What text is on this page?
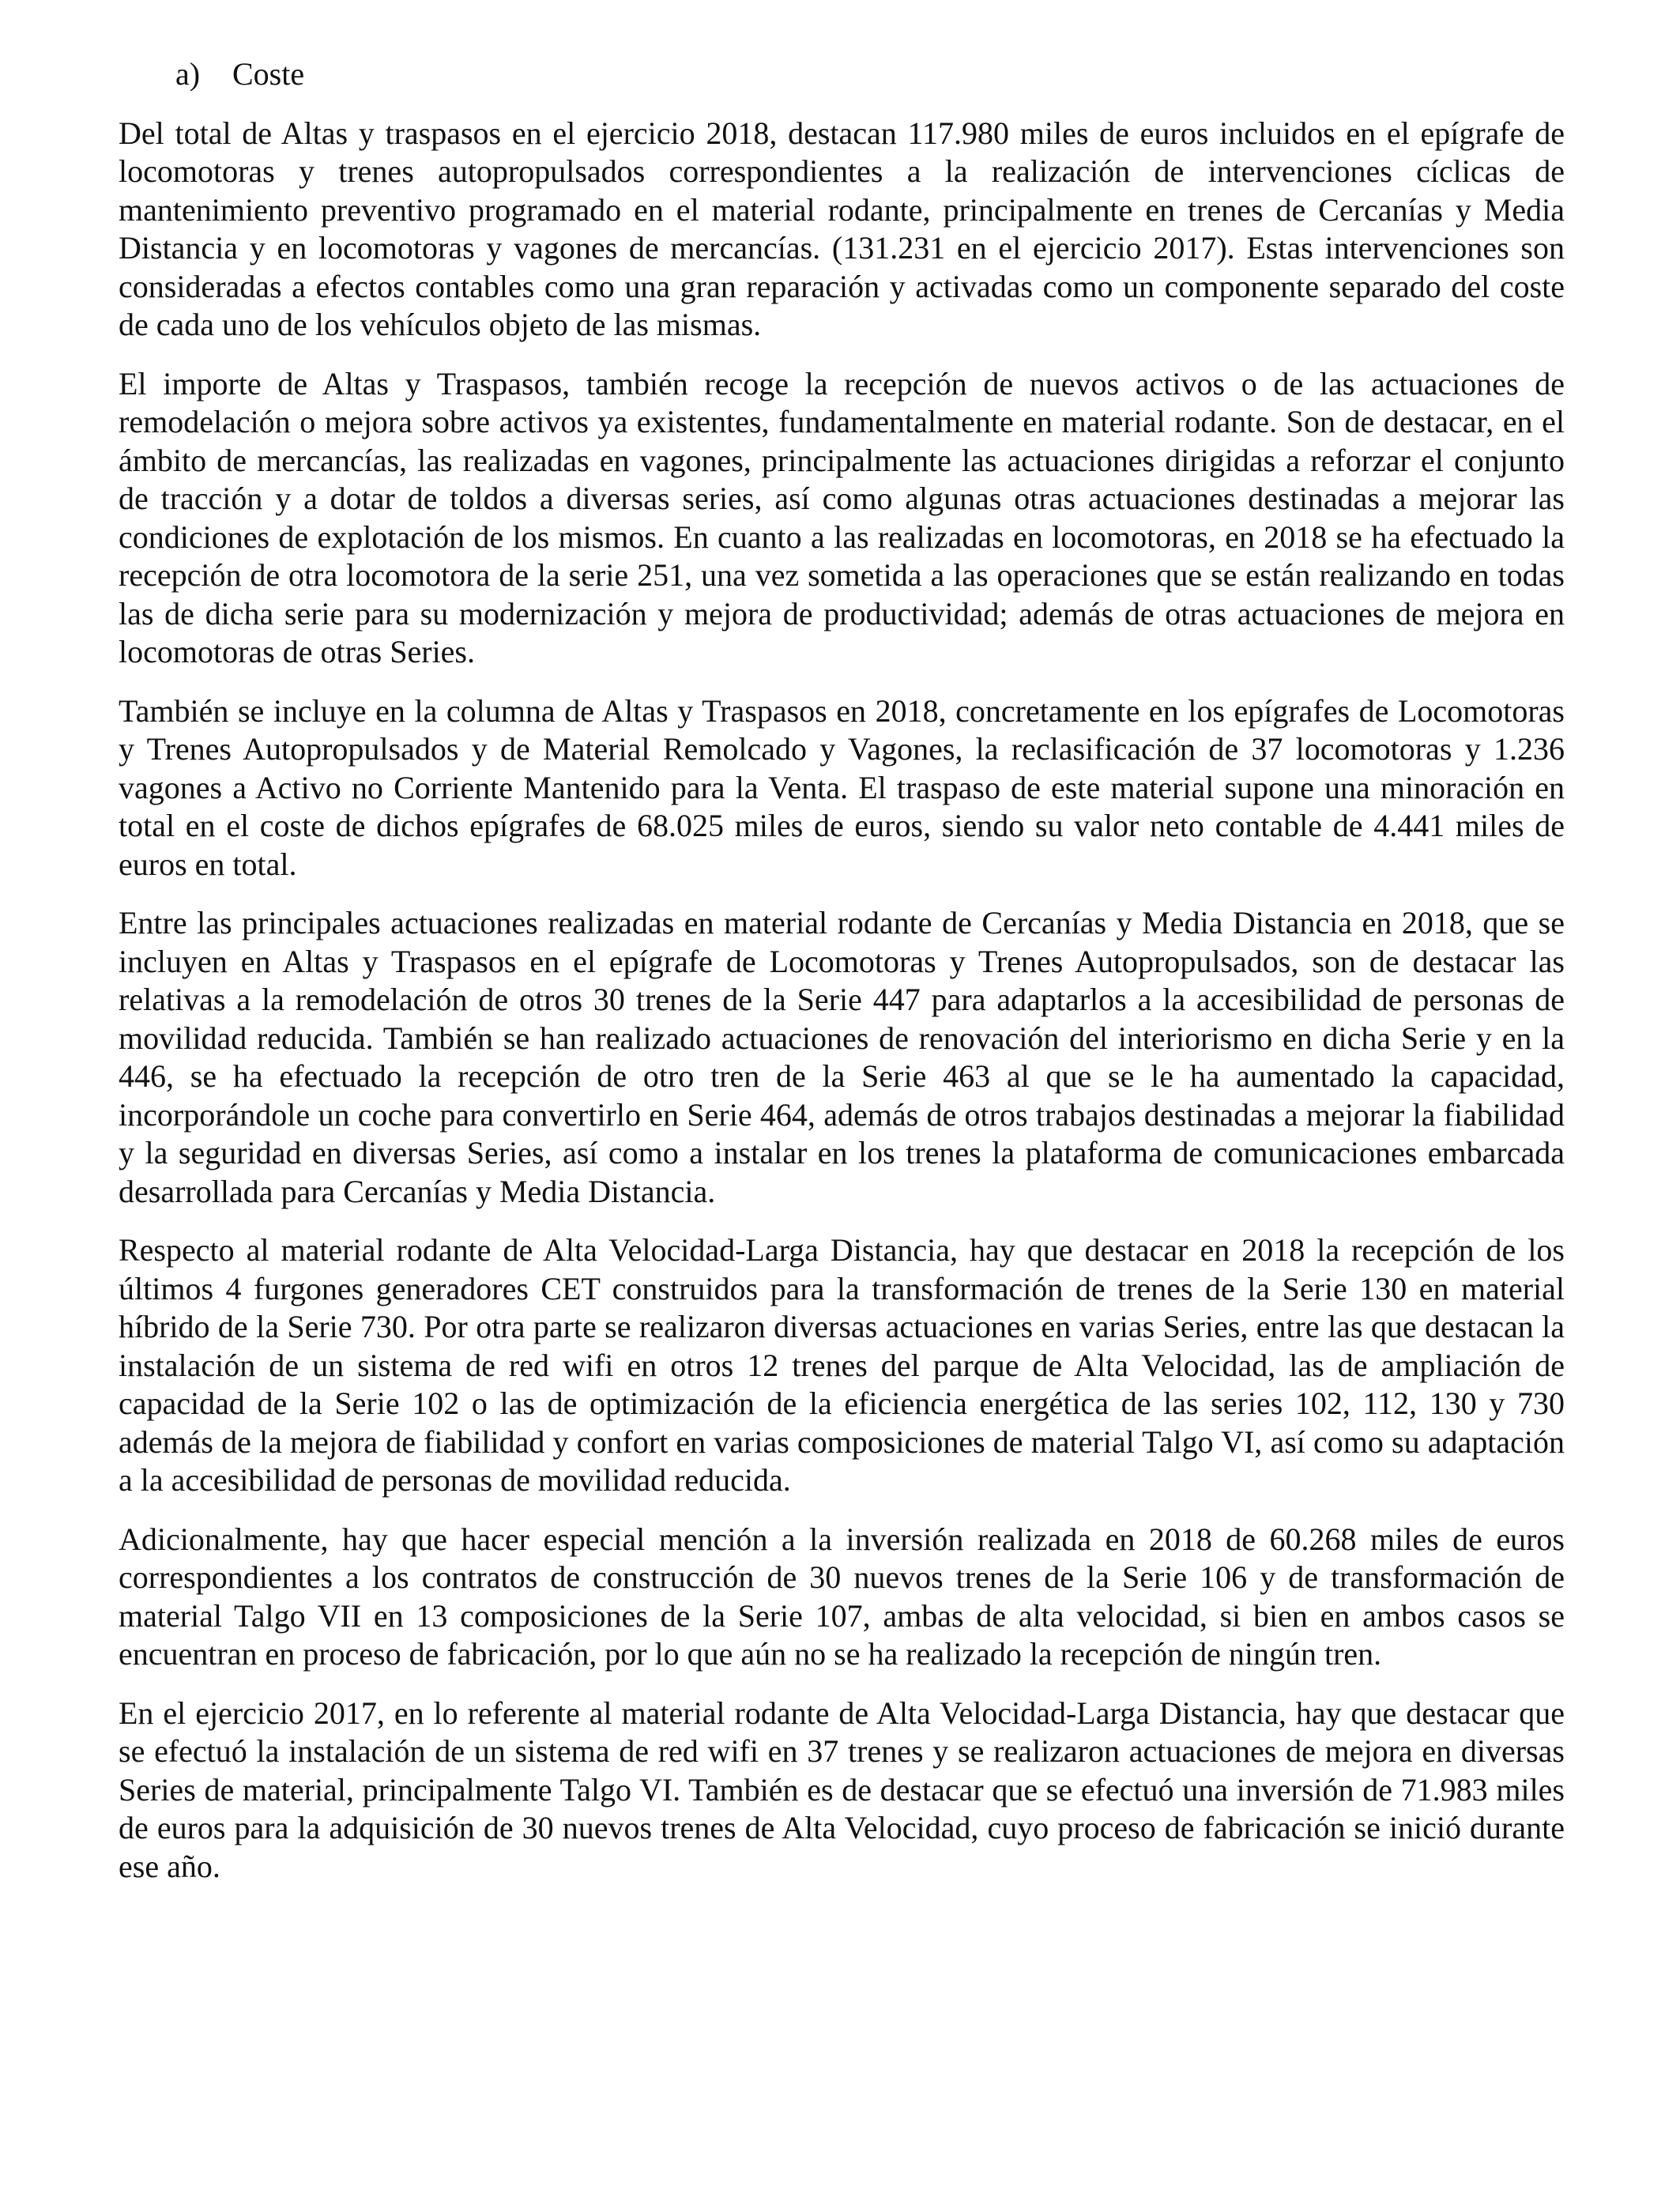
a)	Coste

Del total de Altas y traspasos en el ejercicio 2018, destacan 117.980 miles de euros incluidos en el epígrafe de locomotoras y trenes autopropulsados correspondientes a la realización de intervenciones cíclicas de mantenimiento preventivo programado en el material rodante, principalmente en trenes de Cercanías y Media Distancia y en locomotoras y vagones de mercancías. (131.231 en el ejercicio 2017). Estas intervenciones son consideradas a efectos contables como una gran reparación y activadas como un componente separado del coste de cada uno de los vehículos objeto de las mismas.

El importe de Altas y Traspasos, también recoge la recepción de nuevos activos o de las actuaciones de remodelación o mejora sobre activos ya existentes, fundamentalmente en material rodante. Son de destacar, en el ámbito de mercancías, las realizadas en vagones, principalmente las actuaciones dirigidas a reforzar el conjunto de tracción y a dotar de toldos a diversas series, así como algunas otras actuaciones destinadas a mejorar las condiciones de explotación de los mismos. En cuanto a las realizadas en locomotoras, en 2018 se ha efectuado la recepción de otra locomotora de la serie 251, una vez sometida a las operaciones que se están realizando en todas las de dicha serie para su modernización y mejora de productividad; además de otras actuaciones de mejora en locomotoras de otras Series.

También se incluye en la columna de Altas y Traspasos en 2018, concretamente en los epígrafes de Locomotoras y Trenes Autopropulsados y de Material Remolcado y Vagones, la reclasificación de 37 locomotoras y 1.236 vagones a Activo no Corriente Mantenido para la Venta. El traspaso de este material supone una minoración en total en el coste de dichos epígrafes de 68.025 miles de euros, siendo su valor neto contable de 4.441 miles de euros en total.

Entre las principales actuaciones realizadas en material rodante de Cercanías y Media Distancia en 2018, que se incluyen en Altas y Traspasos en el epígrafe de Locomotoras y Trenes Autopropulsados, son de destacar las relativas a la remodelación de otros 30 trenes de la Serie 447 para adaptarlos a la accesibilidad de personas de movilidad reducida. También se han realizado actuaciones de renovación del interiorismo en dicha Serie y en la 446, se ha efectuado la recepción de otro tren de la Serie 463 al que se le ha aumentado la capacidad, incorporándole un coche para convertirlo en Serie 464, además de otros trabajos destinadas a mejorar la fiabilidad y la seguridad en diversas Series, así como a instalar en los trenes la plataforma de comunicaciones embarcada desarrollada para Cercanías y Media Distancia.

Respecto al material rodante de Alta Velocidad-Larga Distancia, hay que destacar en 2018 la recepción de los últimos 4 furgones generadores CET construidos para la transformación de trenes de la Serie 130 en material híbrido de la Serie 730. Por otra parte se realizaron diversas actuaciones en varias Series, entre las que destacan la instalación de un sistema de red wifi en otros 12 trenes del parque de Alta Velocidad, las de ampliación de capacidad de la Serie 102 o las de optimización de la eficiencia energética de las series 102, 112, 130 y 730 además de la mejora de fiabilidad y confort en varias composiciones de material Talgo VI, así como su adaptación a la accesibilidad de personas de movilidad reducida.

Adicionalmente, hay que hacer especial mención a la inversión realizada en 2018 de 60.268 miles de euros correspondientes a los contratos de construcción de 30 nuevos trenes de la Serie 106 y de transformación de material Talgo VII en 13 composiciones de la Serie 107, ambas de alta velocidad, si bien en ambos casos se encuentran en proceso de fabricación, por lo que aún no se ha realizado la recepción de ningún tren.

En el ejercicio 2017, en lo referente al material rodante de Alta Velocidad-Larga Distancia, hay que destacar que se efectuó la instalación de un sistema de red wifi en 37 trenes y se realizaron actuaciones de mejora en diversas Series de material, principalmente Talgo VI. También es de destacar que se efectuó una inversión de 71.983 miles de euros para la adquisición de 30 nuevos trenes de Alta Velocidad, cuyo proceso de fabricación se inició durante ese año.
